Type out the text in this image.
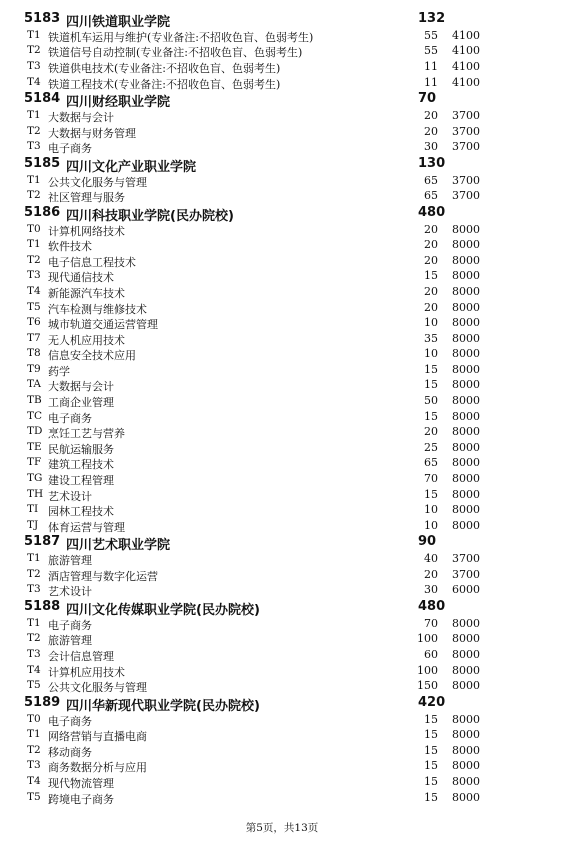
5183 四川铁道职业学院	132
T1 铁道机车运用与维护(专业备注:不招收色盲、色弱考生)	55 4100
T2 铁道信号自动控制(专业备注:不招收色盲、色弱考生)	55 4100
T3 铁道供电技术(专业备注:不招收色盲、色弱考生)	11 4100
T4 铁道工程技术(专业备注:不招收色盲、色弱考生)	11 4100
5184 四川财经职业学院	70
T1 大数据与会计	20 3700
T2 大数据与财务管理	20 3700
T3 电子商务	30 3700
5185 四川文化产业职业学院	130
T1 公共文化服务与管理	65 3700
T2 社区管理与服务	65 3700
5186 四川科技职业学院(民办院校)	480
T0 计算机网络技术	20 8000
T1 软件技术	20 8000
T2 电子信息工程技术	20 8000
T3 现代通信技术	15 8000
T4 新能源汽车技术	20 8000
T5 汽车检测与维修技术	20 8000
T6 城市轨道交通运营管理	10 8000
T7 无人机应用技术	35 8000
T8 信息安全技术应用	10 8000
T9 药学	15 8000
TA 大数据与会计	15 8000
TB 工商企业管理	50 8000
TC 电子商务	15 8000
TD 烹饪工艺与营养	20 8000
TE 民航运输服务	25 8000
TF 建筑工程技术	65 8000
TG 建设工程管理	70 8000
TH 艺术设计	15 8000
TI 园林工程技术	10 8000
TJ 体育运营与管理	10 8000
5187 四川艺术职业学院	90
T1 旅游管理	40 3700
T2 酒店管理与数字化运营	20 3700
T3 艺术设计	30 6000
5188 四川文化传媒职业学院(民办院校)	480
T1 电子商务	70 8000
T2 旅游管理	100 8000
T3 会计信息管理	60 8000
T4 计算机应用技术	100 8000
T5 公共文化服务与管理	150 8000
5189 四川华新现代职业学院(民办院校)	420
T0 电子商务	15 8000
T1 网络营销与直播电商	15 8000
T2 移动商务	15 8000
T3 商务数据分析与应用	15 8000
T4 现代物流管理	15 8000
T5 跨境电子商务	15 8000
第5页，共13页
